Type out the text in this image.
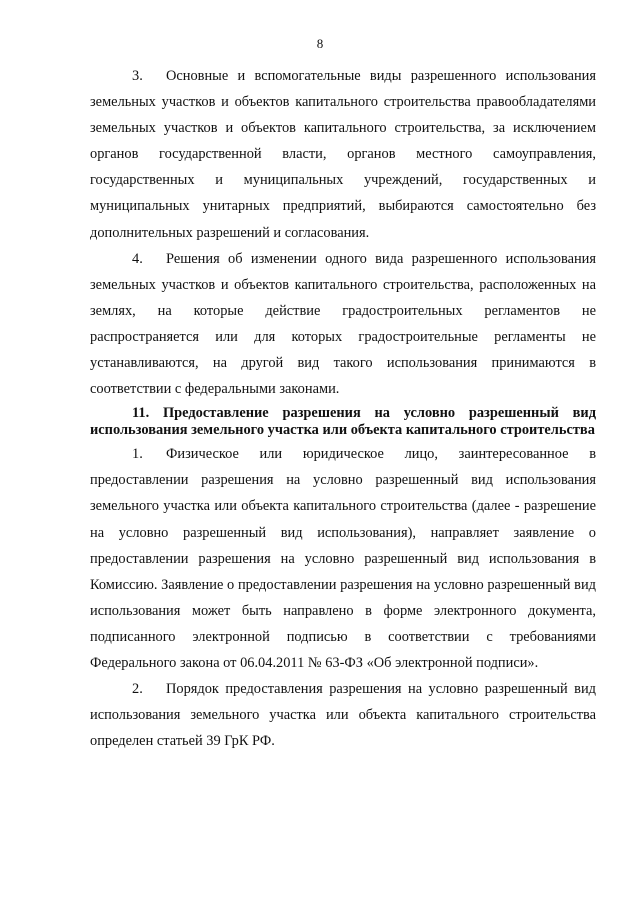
8

3. Основные и вспомогательные виды разрешенного использования земельных участков и объектов капитального строительства правообладателями земельных участков и объектов капитального строительства, за исключением органов государственной власти, органов местного самоуправления, государственных и муниципальных учреждений, государственных и муниципальных унитарных предприятий, выбираются самостоятельно без дополнительных разрешений и согласования.

4. Решения об изменении одного вида разрешенного использования земельных участков и объектов капитального строительства, расположенных на землях, на которые действие градостроительных регламентов не распространяется или для которых градостроительные регламенты не устанавливаются, на другой вид такого использования принимаются в соответствии с федеральными законами.

11. Предоставление разрешения на условно разрешенный вид использования земельного участка или объекта капитального строительства

1. Физическое или юридическое лицо, заинтересованное в предоставлении разрешения на условно разрешенный вид использования земельного участка или объекта капитального строительства (далее - разрешение на условно разрешенный вид использования), направляет заявление о предоставлении разрешения на условно разрешенный вид использования в Комиссию. Заявление о предоставлении разрешения на условно разрешенный вид использования может быть направлено в форме электронного документа, подписанного электронной подписью в соответствии с требованиями Федерального закона от 06.04.2011 № 63-ФЗ «Об электронной подписи».

2. Порядок предоставления разрешения на условно разрешенный вид использования земельного участка или объекта капитального строительства определен статьей 39 ГрК РФ.
